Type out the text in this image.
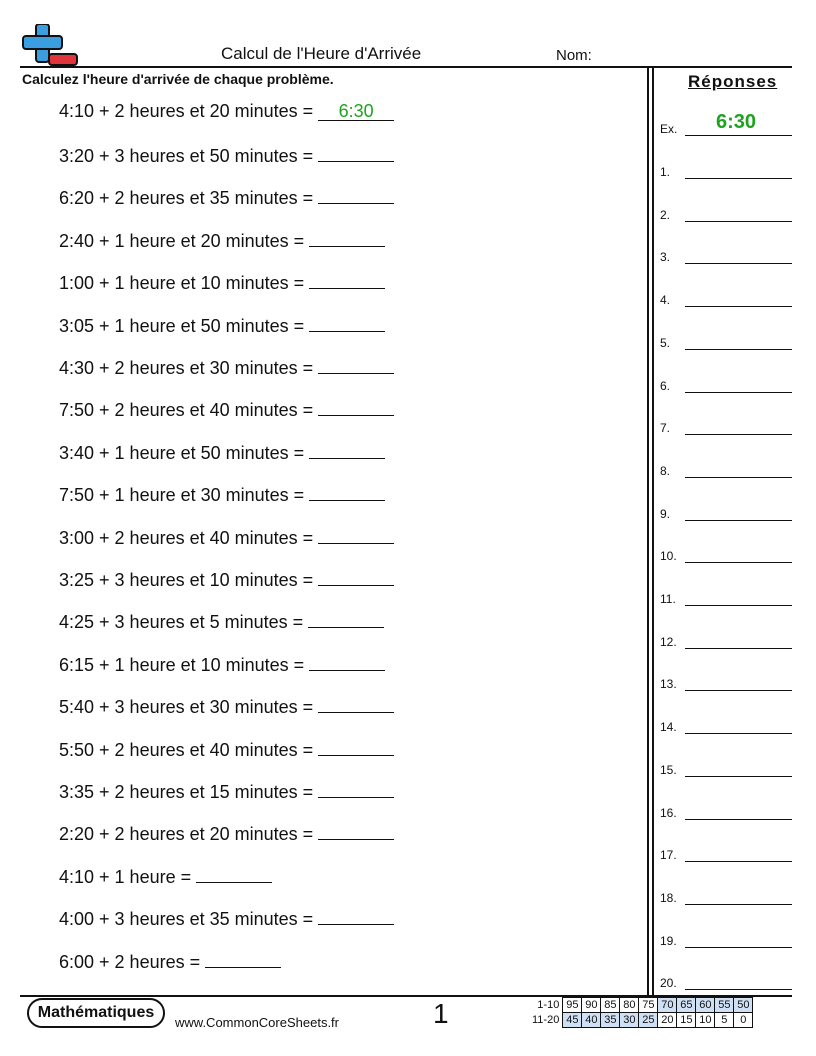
Calcul de l'Heure d'Arrivée	Nom:
Calculez l'heure d'arrivée de chaque problème.
4:10 + 2 heures et 20 minutes = 6:30
3:20 + 3 heures et 50 minutes =
6:20 + 2 heures et 35 minutes =
2:40 + 1 heure et 20 minutes =
1:00 + 1 heure et 10 minutes =
3:05 + 1 heure et 50 minutes =
4:30 + 2 heures et 30 minutes =
7:50 + 2 heures et 40 minutes =
3:40 + 1 heure et 50 minutes =
7:50 + 1 heure et 30 minutes =
3:00 + 2 heures et 40 minutes =
3:25 + 3 heures et 10 minutes =
4:25 + 3 heures et 5 minutes =
6:15 + 1 heure et 10 minutes =
5:40 + 3 heures et 30 minutes =
5:50 + 2 heures et 40 minutes =
3:35 + 2 heures et 15 minutes =
2:20 + 2 heures et 20 minutes =
4:10 + 1 heure =
4:00 + 3 heures et 35 minutes =
6:00 + 2 heures =
Réponses
Ex. 6:30
1.
2.
3.
4.
5.
6.
7.
8.
9.
10.
11.
12.
13.
14.
15.
16.
17.
18.
19.
20.
Mathématiques
www.CommonCoreSheets.fr	1	1-10	95	90	85	80	75	70	65	60	55	50
11-20	45	40	35	30	25	20	15	10	5	0
